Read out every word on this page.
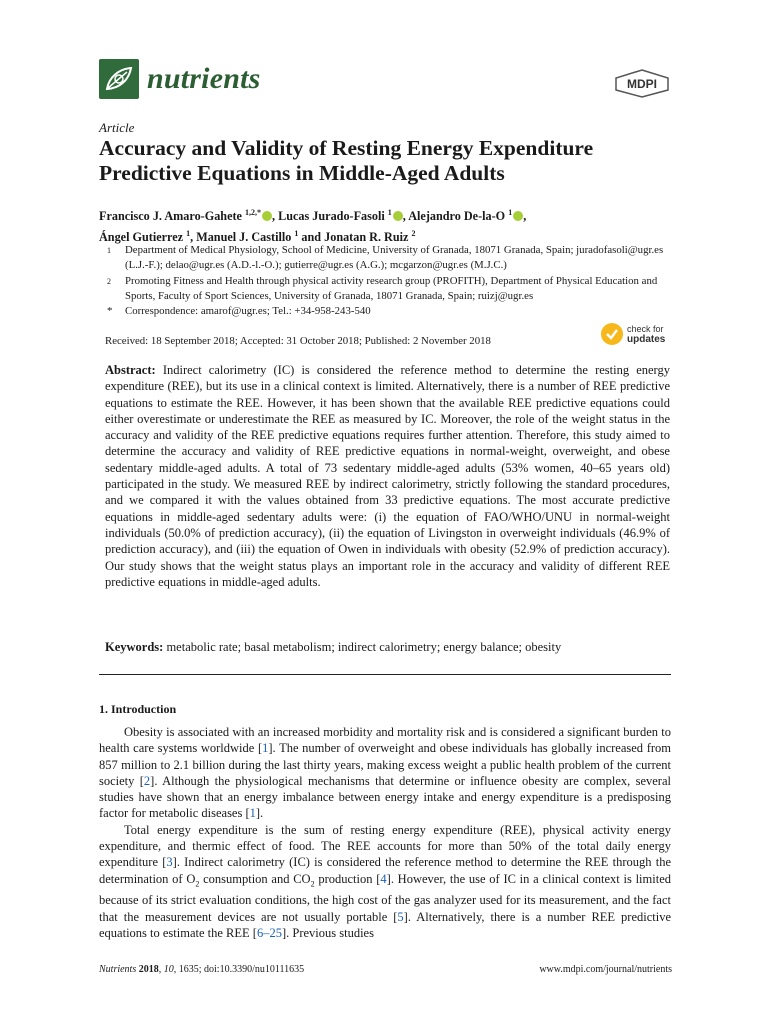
nutrients	MDPI
Article
Accuracy and Validity of Resting Energy Expenditure Predictive Equations in Middle-Aged Adults
Francisco J. Amaro-Gahete $^{1,2,*}$ , Lucas Jurado-Fasoli $^1$ , Alejandro De-la-O $^1$ ,
Ángel Gutierrez $^1$, Manuel J. Castillo $^1$ and Jonatan R. Ruiz $^2$
1	Department of Medical Physiology, School of Medicine, University of Granada, 18071 Granada, Spain; juradofasoli@ugr.es (L.J.-F.); delao@ugr.es (A.D.-l.-O.); gutierre@ugr.es (A.G.); mcgarzon@ugr.es (M.J.C.)
2	Promoting Fitness and Health through physical activity research group (PROFITH), Department of Physical Education and Sports, Faculty of Sport Sciences, University of Granada, 18071 Granada, Spain; ruizj@ugr.es
*	Correspondence: amarof@ugr.es; Tel.: +34-958-243-540
Received: 18 September 2018; Accepted: 31 October 2018; Published: 2 November 2018
check for
updates
Abstract: Indirect calorimetry (IC) is considered the reference method to determine the resting energy expenditure (REE), but its use in a clinical context is limited. Alternatively, there is a number of REE predictive equations to estimate the REE. However, it has been shown that the available REE predictive equations could either overestimate or underestimate the REE as measured by IC. Moreover, the role of the weight status in the accuracy and validity of the REE predictive equations requires further attention. Therefore, this study aimed to determine the accuracy and validity of REE predictive equations in normal-weight, overweight, and obese sedentary middle-aged adults. A total of 73 sedentary middle-aged adults (53% women, 40–65 years old) participated in the study. We measured REE by indirect calorimetry, strictly following the standard procedures, and we compared it with the values obtained from 33 predictive equations. The most accurate predictive equations in middle-aged sedentary adults were: (i) the equation of FAO/WHO/UNU in normal-weight individuals (50.0% of prediction accuracy), (ii) the equation of Livingston in overweight individuals (46.9% of prediction accuracy), and (iii) the equation of Owen in individuals with obesity (52.9% of prediction accuracy). Our study shows that the weight status plays an important role in the accuracy and validity of different REE predictive equations in middle-aged adults.
Keywords: metabolic rate; basal metabolism; indirect calorimetry; energy balance; obesity
1. Introduction

Obesity is associated with an increased morbidity and mortality risk and is considered a significant burden to health care systems worldwide [1]. The number of overweight and obese individuals has globally increased from 857 million to 2.1 billion during the last thirty years, making excess weight a public health problem of the current society [2]. Although the physiological mechanisms that determine or influence obesity are complex, several studies have shown that an energy imbalance between energy intake and energy expenditure is a predisposing factor for metabolic diseases [1].

Total energy expenditure is the sum of resting energy expenditure (REE), physical activity energy expenditure, and thermic effect of food. The REE accounts for more than 50% of the total daily energy expenditure [3]. Indirect calorimetry (IC) is considered the reference method to determine the REE through the determination of $O_2$ consumption and $CO_2$ production [4]. However, the use of IC in a clinical context is limited because of its strict evaluation conditions, the high cost of the gas analyzer used for its measurement, and the fact that the measurement devices are not usually portable [5]. Alternatively, there is a number REE predictive equations to estimate the REE [6–25]. Previous studies

Nutrients 2018, 10, 1635; doi:10.3390/nu10111635	www.mdpi.com/journal/nutrients
